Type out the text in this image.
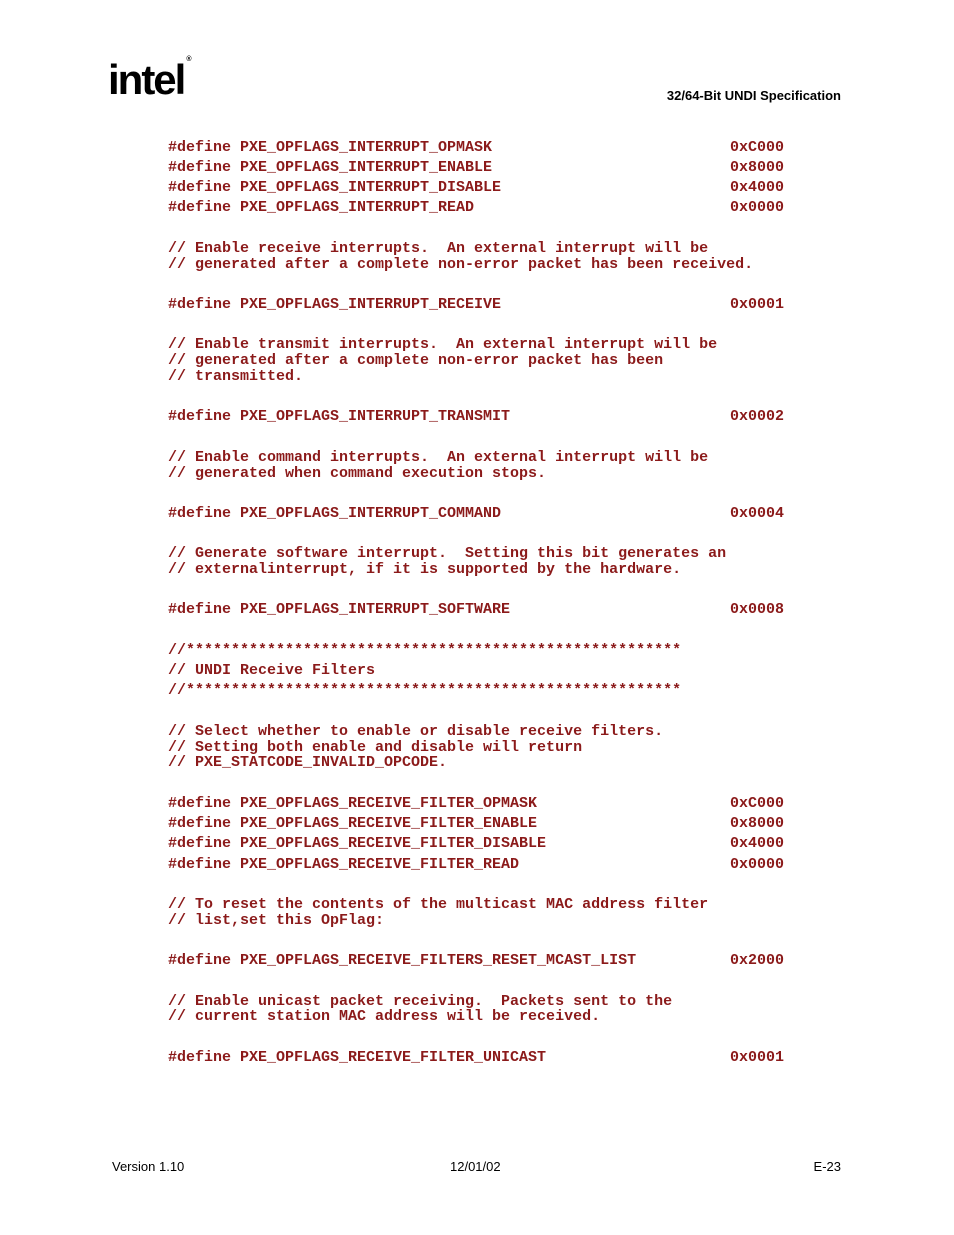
intel ®
32/64-Bit UNDI Specification
#define PXE_OPFLAGS_INTERRUPT_OPMASK	0xC000
#define PXE_OPFLAGS_INTERRUPT_ENABLE	0x8000
#define PXE_OPFLAGS_INTERRUPT_DISABLE	0x4000
#define PXE_OPFLAGS_INTERRUPT_READ	0x0000
// Enable receive interrupts.  An external interrupt will be
// generated after a complete non-error packet has been received.
#define PXE_OPFLAGS_INTERRUPT_RECEIVE	0x0001
// Enable transmit interrupts.  An external interrupt will be
// generated after a complete non-error packet has been
// transmitted.
#define PXE_OPFLAGS_INTERRUPT_TRANSMIT	0x0002
// Enable command interrupts.  An external interrupt will be
// generated when command execution stops.
#define PXE_OPFLAGS_INTERRUPT_COMMAND	0x0004
// Generate software interrupt.  Setting this bit generates an
// externalinterrupt, if it is supported by the hardware.
#define PXE_OPFLAGS_INTERRUPT_SOFTWARE	0x0008
//*******************************************************
// UNDI Receive Filters
//*******************************************************
// Select whether to enable or disable receive filters.
// Setting both enable and disable will return
// PXE_STATCODE_INVALID_OPCODE.
#define PXE_OPFLAGS_RECEIVE_FILTER_OPMASK	0xC000
#define PXE_OPFLAGS_RECEIVE_FILTER_ENABLE	0x8000
#define PXE_OPFLAGS_RECEIVE_FILTER_DISABLE	0x4000
#define PXE_OPFLAGS_RECEIVE_FILTER_READ	0x0000
// To reset the contents of the multicast MAC address filter
// list,set this OpFlag:
#define PXE_OPFLAGS_RECEIVE_FILTERS_RESET_MCAST_LIST	0x2000
// Enable unicast packet receiving.  Packets sent to the
// current station MAC address will be received.
#define PXE_OPFLAGS_RECEIVE_FILTER_UNICAST	0x0001
Version 1.10	12/01/02	E-23
